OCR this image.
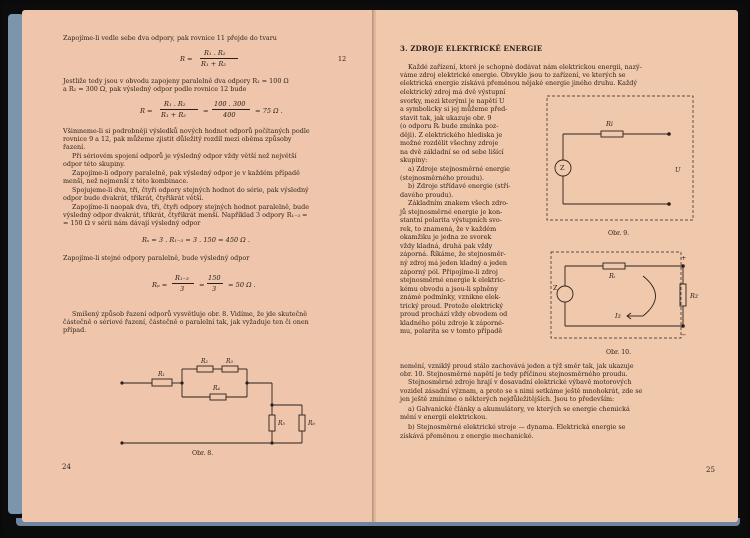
Zapojíme-li vedle sebe dva odpory, pak rovnice 11 přejde do tvaru
R =
R₁ . R₂
R₁ + R₂
12
Jestliže tedy jsou v obvodu zapojeny paralelně dva odpory R₁ = 100 Ω
a R₂ = 300 Ω, pak výsledný odpor podle rovnice 12 bude
R =
R₁ . R₂
R₁ + R₂	=
100 . 300
400	= 75 Ω .
Všimneme-li si podrobněji výsledků nových hodnot odporů počítaných podle
rovnice 9 a 12, pak můžeme zjistit důležitý rozdíl mezi oběma způsoby
řazení.
Při sériovém spojení odporů je výsledný odpor vždy větší než největší
odpor této skupiny.
Zapojíme-li odpory paralelně, pak výsledný odpor je v každém případě
menší, než nejmenší z této kombinace.
Spojujeme-li dva, tři, čtyři odpory stejných hodnot do série, pak výsledný
odpor bude dvakrát, třikrát, čtyřikrát větší.
Zapojíme-li naopak dva, tři, čtyři odpory stejných hodnot paralelně, bude
výsledný odpor dvakrát, třikrát, čtyřikrát menší. Například 3 odpory R₁₋₃ =
= 150 Ω v sérii nám dávají výsledný odpor
Rₛ = 3 . R₁₋₃ = 3 . 150 = 450 Ω .
Zapojíme-li stejné odpory paralelně, bude výsledný odpor
Rₚ =
R₁₋₃
3 =
150
3 = 50 Ω .
Smíšený způsob řazení odporů vysvětluje obr. 8. Vidíme, že jde skutečně
částečně o sériové řazení, částečně o paralelní tak, jak vyžaduje ten či onen
případ.
R₁
R₂	R₃
R₄
R₅	R₆
Obr. 8.
24
3. ZDROJE ELEKTRICKÉ ENERGIE
Každé zařízení, které je schopné dodávat nám elektrickou energii, nazý-
váme zdroj elektrické energie. Obvykle jsou to zařízení, ve kterých se
elektrická energie získává přeměnou nějaké energie jiného druhu. Každý
elektrický zdroj má dvě výstupní
svorky, mezi kterými je napětí U
a symbolicky si jej můžeme před-
stavit tak, jak ukazuje obr. 9
(o odporu Rᵢ bude zmínka poz-
ději). Z elektrického hlediska je
možné rozdělit všechny zdroje
na dvě základní se od sebe lišící
skupiny:
a) Zdroje stejnosměrné energie
(stejnosměrného proudu).
b) Zdroje střídavé energie (stří-
davého proudu).
Základním znakem všech zdro-
jů stejnosměrné energie je kon-
stantní polarita výstupních svo-
rek, to znamená, že v každém
okamžiku je jedna ze svorek
vždy kladná, druhá pak vždy
záporná. Říkáme, že stejnosměr-
ný zdroj má jeden kladný a jeden
záporný pól. Připojíme-li zdroj
stejnosměrné energie k elektric-
kému obvodu a jsou-li splněny
známé podmínky, vznikne elek-
trický proud. Protože elektrický
proud prochází vždy obvodem od
kladného pólu zdroje k záporné-
mu, polarita se v tomto případě
Ri
Z	U
Obr. 9.
Rᵢ
Z
Rz
Iz
+
−
Obr. 10.
nemění, vzniklý proud stálo zachovává jeden a týž směr tak, jak ukazuje
obr. 10. Stejnosměrné napětí je tedy příčinou stejnosměrného proudu.
Stejnosměrné zdroje hrají v dosavadní elektrické výbavě motorových
vozidel zásadní význam, a proto se s nimi setkáme ještě mnohokrát, zde se
jen ještě zmíníme o některých nejdůležitějších. Jsou to především:
a) Galvanické články a akumulátory, ve kterých se energie chemická
mění v energii elektrickou.
b) Stejnosměrné elektrické stroje — dynama. Elektrická energie se
získává přeměnou z energie mechanické.
25
